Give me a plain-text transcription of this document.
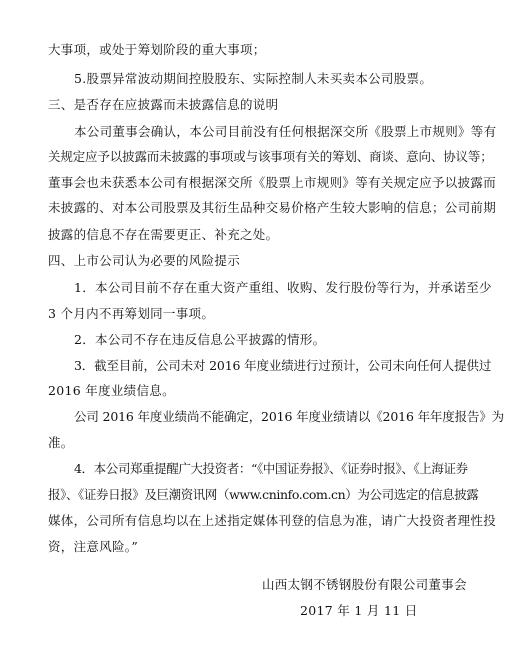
大事项，或处于筹划阶段的重大事项；
5.股票异常波动期间控股股东、实际控制人未买卖本公司股票。
三、是否存在应披露而未披露信息的说明
本公司董事会确认，本公司目前没有任何根据深交所《股票上市规则》等有
关规定应予以披露而未披露的事项或与该事项有关的筹划、商谈、意向、协议等；
董事会也未获悉本公司有根据深交所《股票上市规则》等有关规定应予以披露而
未披露的、对本公司股票及其衍生品种交易价格产生较大影响的信息；公司前期
披露的信息不存在需要更正、补充之处。
四、上市公司认为必要的风险提示
1．本公司目前不存在重大资产重组、收购、发行股份等行为，并承诺至少
3 个月内不再筹划同一事项。
2．本公司不存在违反信息公平披露的情形。
3．截至目前，公司未对 2016 年度业绩进行过预计，公司未向任何人提供过
2016 年度业绩信息。
公司 2016 年度业绩尚不能确定，2016 年度业绩请以《2016 年年度报告》为
准。
4．本公司郑重提醒广大投资者：“《中国证券报》、《证券时报》、《上海证券
报》、《证券日报》及巨潮资讯网（www.cninfo.com.cn）为公司选定的信息披露
媒体，公司所有信息均以在上述指定媒体刊登的信息为准，请广大投资者理性投
资，注意风险。”
山西太钢不锈钢股份有限公司董事会
2017 年 1 月 11 日
